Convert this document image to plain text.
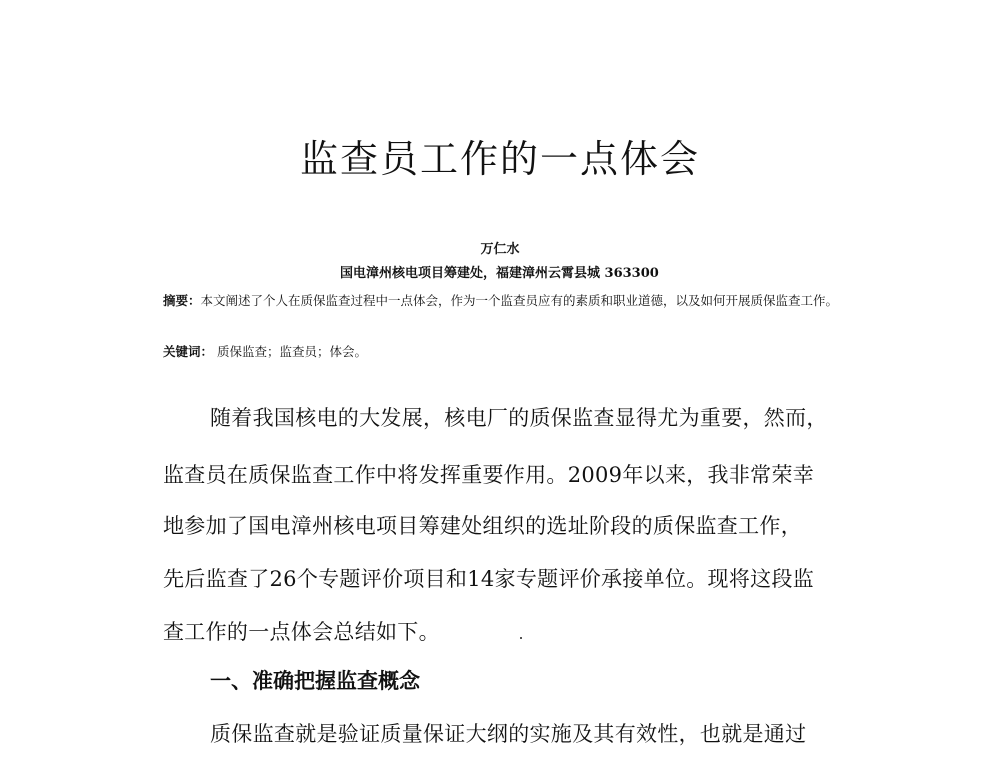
监查员工作的一点体会
万仁水
国电漳州核电项目筹建处，福建漳州云霄县城 363300
摘要：本文阐述了个人在质保监查过程中一点体会，作为一个监查员应有的素质和职业道德，以及如何开展质保监查工作。
关键词： 质保监查；监查员；体会。
随着我国核电的大发展，核电厂的质保监查显得尤为重要，然而，
监查员在质保监查工作中将发挥重要作用。2009年以来，我非常荣幸
地参加了国电漳州核电项目筹建处组织的选址阶段的质保监查工作，
先后监查了26个专题评价项目和14家专题评价承接单位。现将这段监
查工作的一点体会总结如下。
一、准确把握监查概念
质保监查就是验证质量保证大纲的实施及其有效性，也就是通过
